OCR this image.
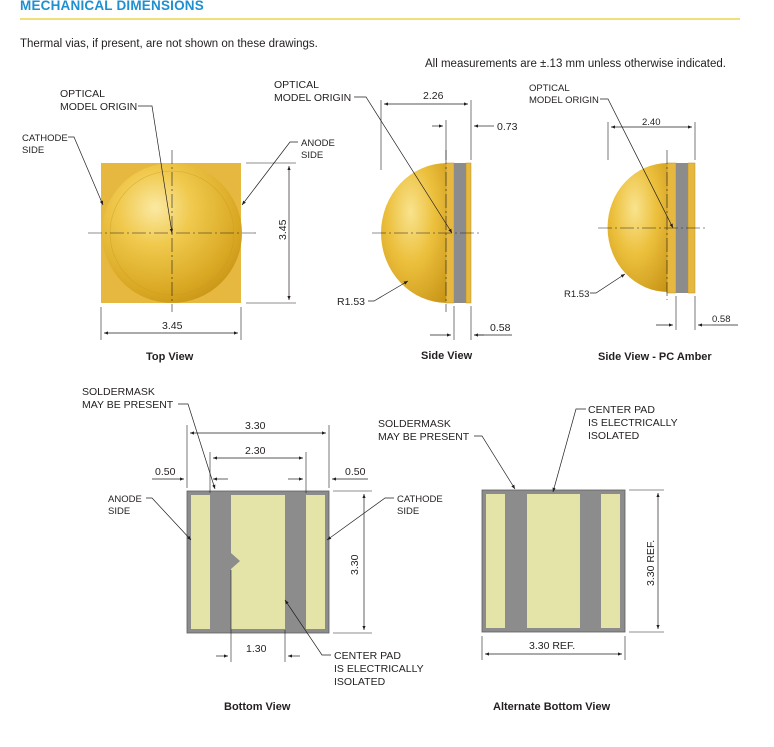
MECHANICAL DIMENSIONS
Thermal vias, if present, are not shown on these drawings.
All measurements are ±.13 mm unless otherwise indicated.
OPTICAL
MODEL ORIGIN
CATHODE
SIDE
ANODE
SIDE
3.45
3.45
Top View
OPTICAL
MODEL ORIGIN	2.26
0.73
R1.53
0.58
Side View
OPTICAL
MODEL ORIGIN
2.40
R1.53
0.58
Side View - PC Amber
SOLDERMASK
MAY BE PRESENT
3.30
2.30
0.50	0.50
ANODE
SIDE
CATHODE
SIDE
3.30
1.30
CENTER PAD
IS ELECTRICALLY
ISOLATED
Bottom View
SOLDERMASK
MAY BE PRESENT
CENTER PAD
IS ELECTRICALLY
ISOLATED
3.30 REF.
3.30 REF.
Alternate Bottom View
